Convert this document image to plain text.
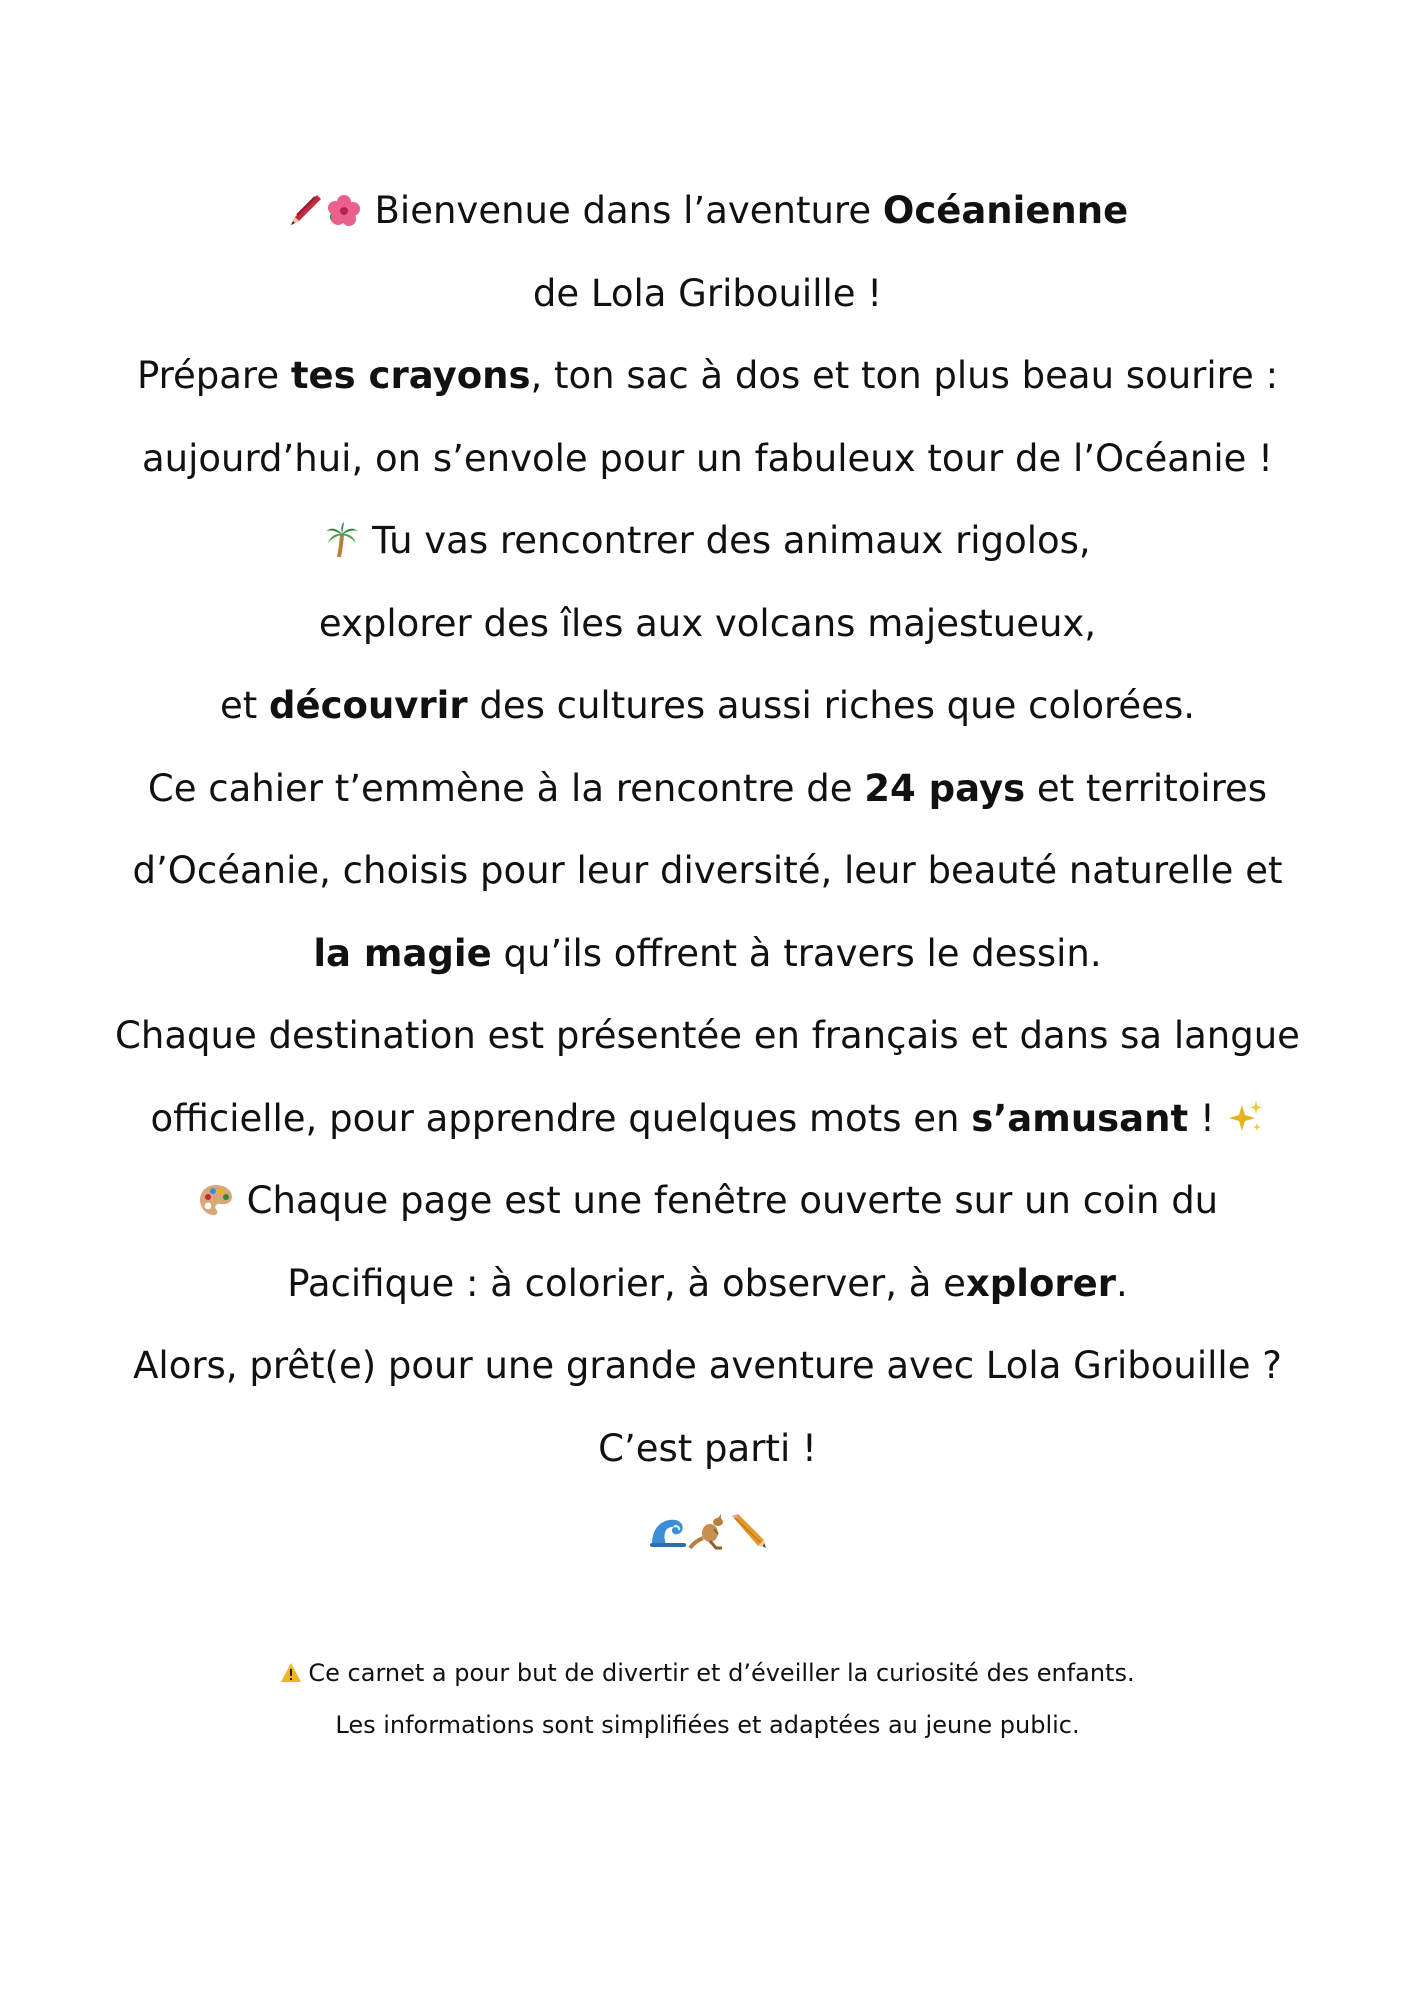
Bienvenue dans l’aventure Océanienne
de Lola Gribouille !
Prépare tes crayons, ton sac à dos et ton plus beau sourire :
aujourd’hui, on s’envole pour un fabuleux tour de l’Océanie !
Tu vas rencontrer des animaux rigolos,
explorer des îles aux volcans majestueux,
et découvrir des cultures aussi riches que colorées.
Ce cahier t’emmène à la rencontre de 24 pays et territoires
d’Océanie, choisis pour leur diversité, leur beauté naturelle et
la magie qu’ils offrent à travers le dessin.
Chaque destination est présentée en français et dans sa langue
officielle, pour apprendre quelques mots en s’amusant !
Chaque page est une fenêtre ouverte sur un coin du
Pacifique : à colorier, à observer, à explorer.
Alors, prêt(e) pour une grande aventure avec Lola Gribouille ?
C’est parti !
Ce carnet a pour but de divertir et d’éveiller la curiosité des enfants.
Les informations sont simplifiées et adaptées au jeune public.
